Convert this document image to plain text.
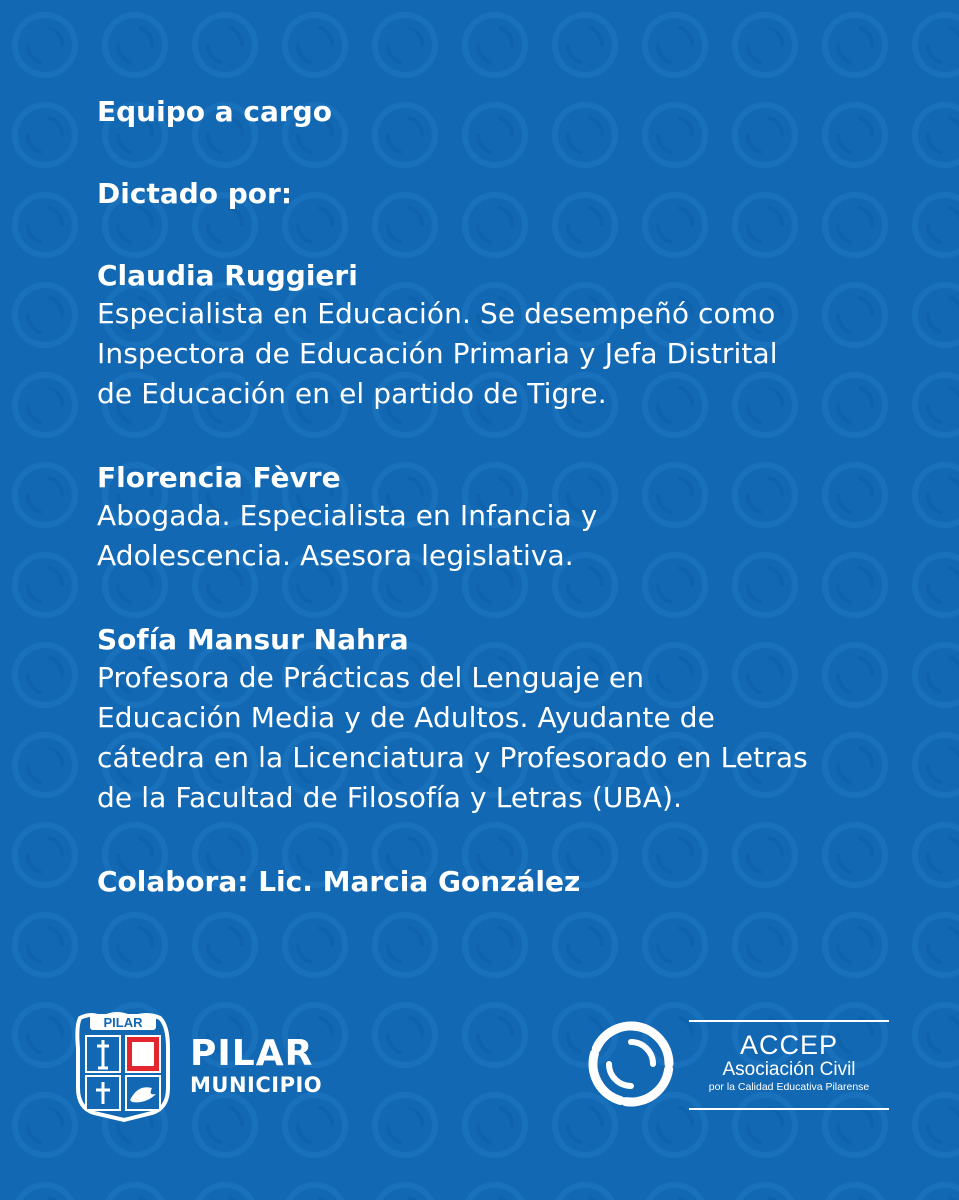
Equipo a cargo

Dictado por:

Claudia Ruggieri

Especialista en Educación. Se desempeñó como
Inspectora de Educación Primaria y Jefa Distrital
de Educación en el partido de Tigre.

Florencia Fèvre

Abogada. Especialista en Infancia y
Adolescencia. Asesora legislativa.

Sofía Mansur Nahra

Profesora de Prácticas del Lenguaje en
Educación Media y de Adultos. Ayudante de
cátedra en la Licenciatura y Profesorado en Letras
de la Facultad de Filosofía y Letras (UBA).

Colabora: Lic. Marcia González

PILAR
PILAR
MUNICIPIO
ACCEP
Asociación Civil
por la Calidad Educativa Pilarense
